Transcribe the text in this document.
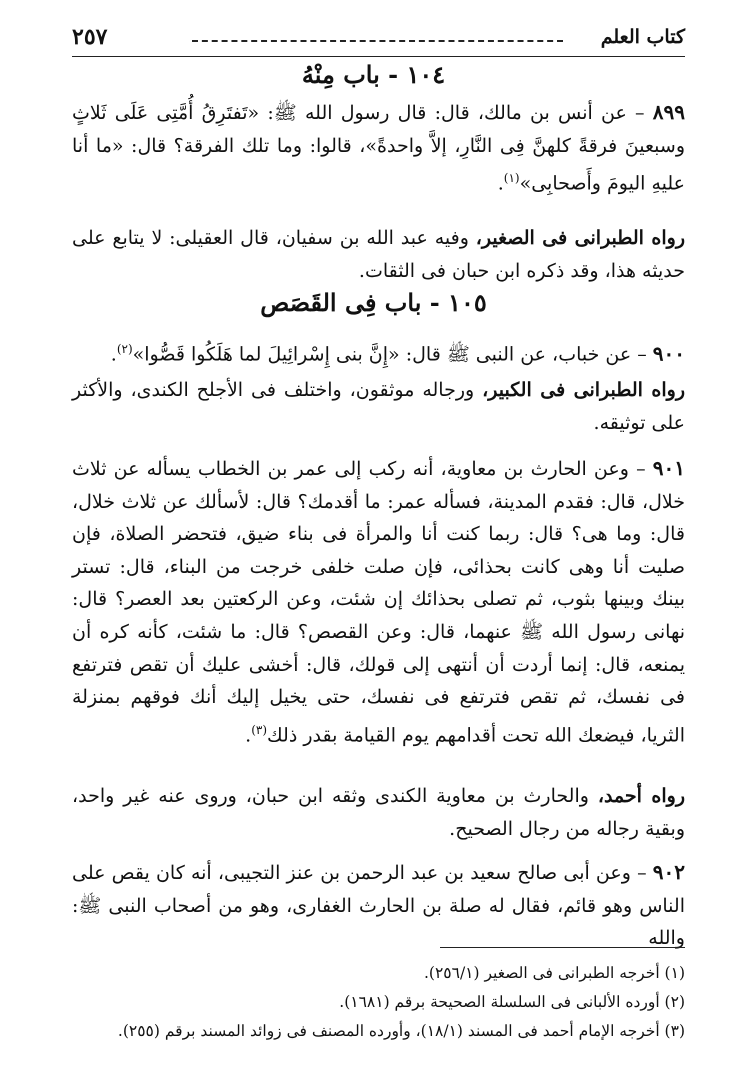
كتاب العلم
٢٥٧
١٠٤ - باب مِنْهُ
٨٩٩ – عن أنس بن مالك، قال: قال رسول الله ﷺ: «تَفتَرِقُ أُمَّتِى عَلَى ثَلاثٍ وسبعينَ فرقةً كلهنَّ فِى النَّارِ، إلاَّ واحدةً»، قالوا: وما تلك الفرقة؟ قال: «ما أنا عليهِ اليومَ وأَصحابِى»$^{(١)}$.
رواه الطبرانى فى الصغير، وفيه عبد الله بن سفيان، قال العقيلى: لا يتابع على حديثه هذا، وقد ذكره ابن حبان فى الثقات.
١٠٥ - باب فِى القَصَص
٩٠٠ – عن خباب، عن النبى ﷺ قال: «إِنَّ بنى إِسْرائِيلَ لما هَلَكُوا قَصُّوا»$^{(٢)}$.
رواه الطبرانى فى الكبير، ورجاله موثقون، واختلف فى الأجلح الكندى، والأكثر على توثيقه.
٩٠١ – وعن الحارث بن معاوية، أنه ركب إلى عمر بن الخطاب يسأله عن ثلاث خلال، قال: فقدم المدينة، فسأله عمر: ما أقدمك؟ قال: لأسألك عن ثلاث خلال، قال: وما هى؟ قال: ربما كنت أنا والمرأة فى بناء ضيق، فتحضر الصلاة، فإن صليت أنا وهى كانت بحذائى، فإن صلت خلفى خرجت من البناء، قال: تستر بينك وبينها بثوب، ثم تصلى بحذائك إن شئت، وعن الركعتين بعد العصر؟ قال: نهانى رسول الله ﷺ عنهما، قال: وعن القصص؟ قال: ما شئت، كأنه كره أن يمنعه، قال: إنما أردت أن أنتهى إلى قولك، قال: أخشى عليك أن تقص فترتفع فى نفسك، ثم تقص فترتفع فى نفسك، حتى يخيل إليك أنك فوقهم بمنزلة الثريا، فيضعك الله تحت أقدامهم يوم القيامة بقدر ذلك$^{(٣)}$.
رواه أحمد، والحارث بن معاوية الكندى وثقه ابن حبان، وروى عنه غير واحد، وبقية رجاله من رجال الصحيح.
٩٠٢ – وعن أبى صالح سعيد بن عبد الرحمن بن عنز التجيبى، أنه كان يقص على الناس وهو قائم، فقال له صلة بن الحارث الغفارى، وهو من أصحاب النبى ﷺ: والله
(١) أخرجه الطبرانى فى الصغير (٢٥٦/١).
(٢) أورده الألبانى فى السلسلة الصحيحة برقم (١٦٨١).
(٣) أخرجه الإمام أحمد فى المسند (١٨/١)، وأورده المصنف فى زوائد المسند برقم (٢٥٥).
